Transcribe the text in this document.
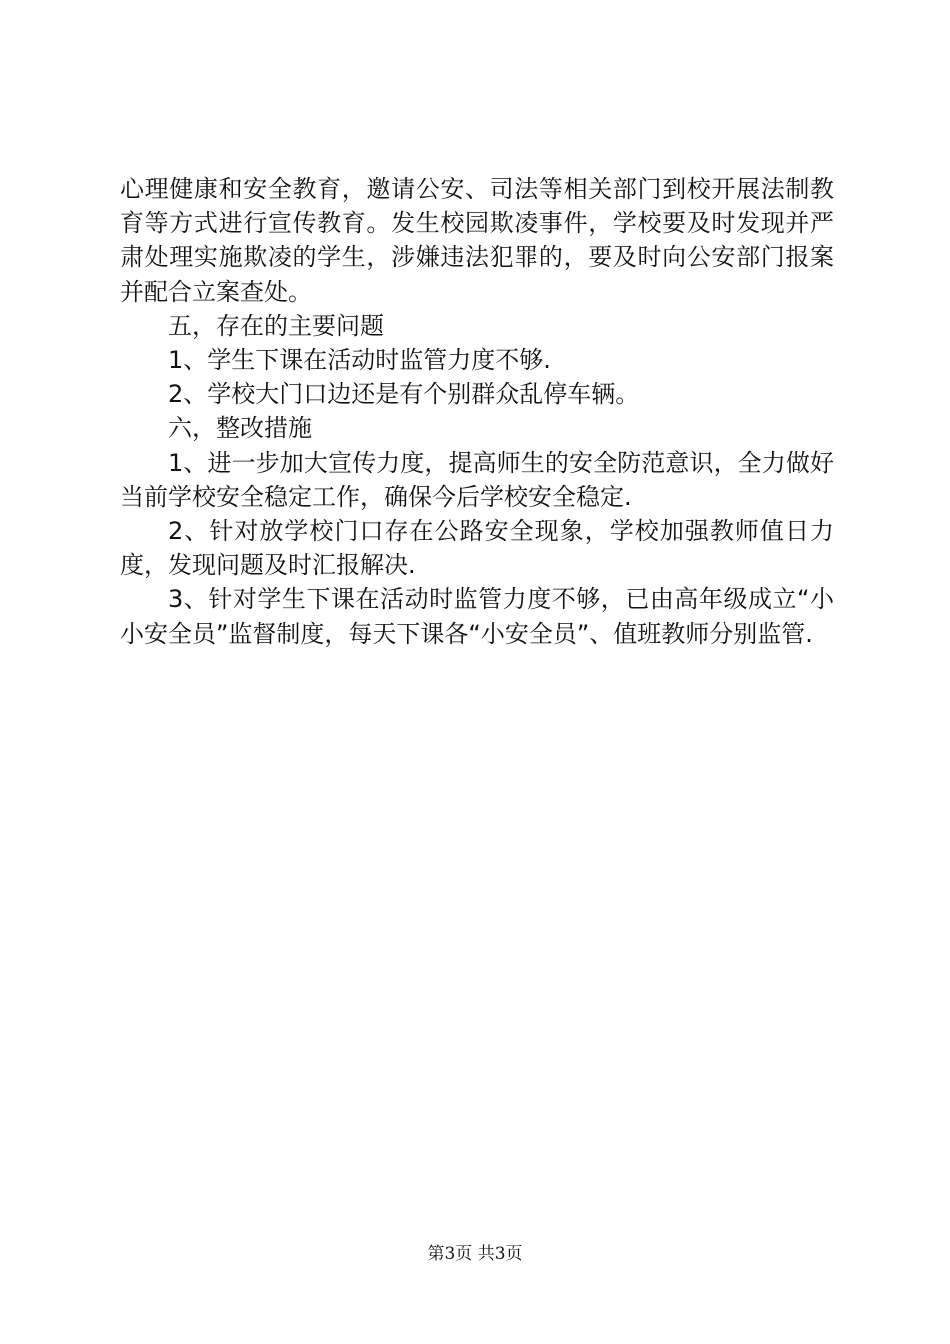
心理健康和安全教育，邀请公安、司法等相关部门到校开展法制教育等方式进行宣传教育。发生校园欺凌事件，学校要及时发现并严肃处理实施欺凌的学生，涉嫌违法犯罪的，要及时向公安部门报案并配合立案查处。

五，存在的主要问题

1、学生下课在活动时监管力度不够.

2、学校大门口边还是有个别群众乱停车辆。

六，整改措施

1、进一步加大宣传力度，提高师生的安全防范意识，全力做好当前学校安全稳定工作，确保今后学校安全稳定.

2、针对放学校门口存在公路安全现象，学校加强教师值日力度，发现问题及时汇报解决.

3、针对学生下课在活动时监管力度不够，已由高年级成立“小小安全员”监督制度，每天下课各“小安全员”、值班教师分别监管.

第3页 共3页
